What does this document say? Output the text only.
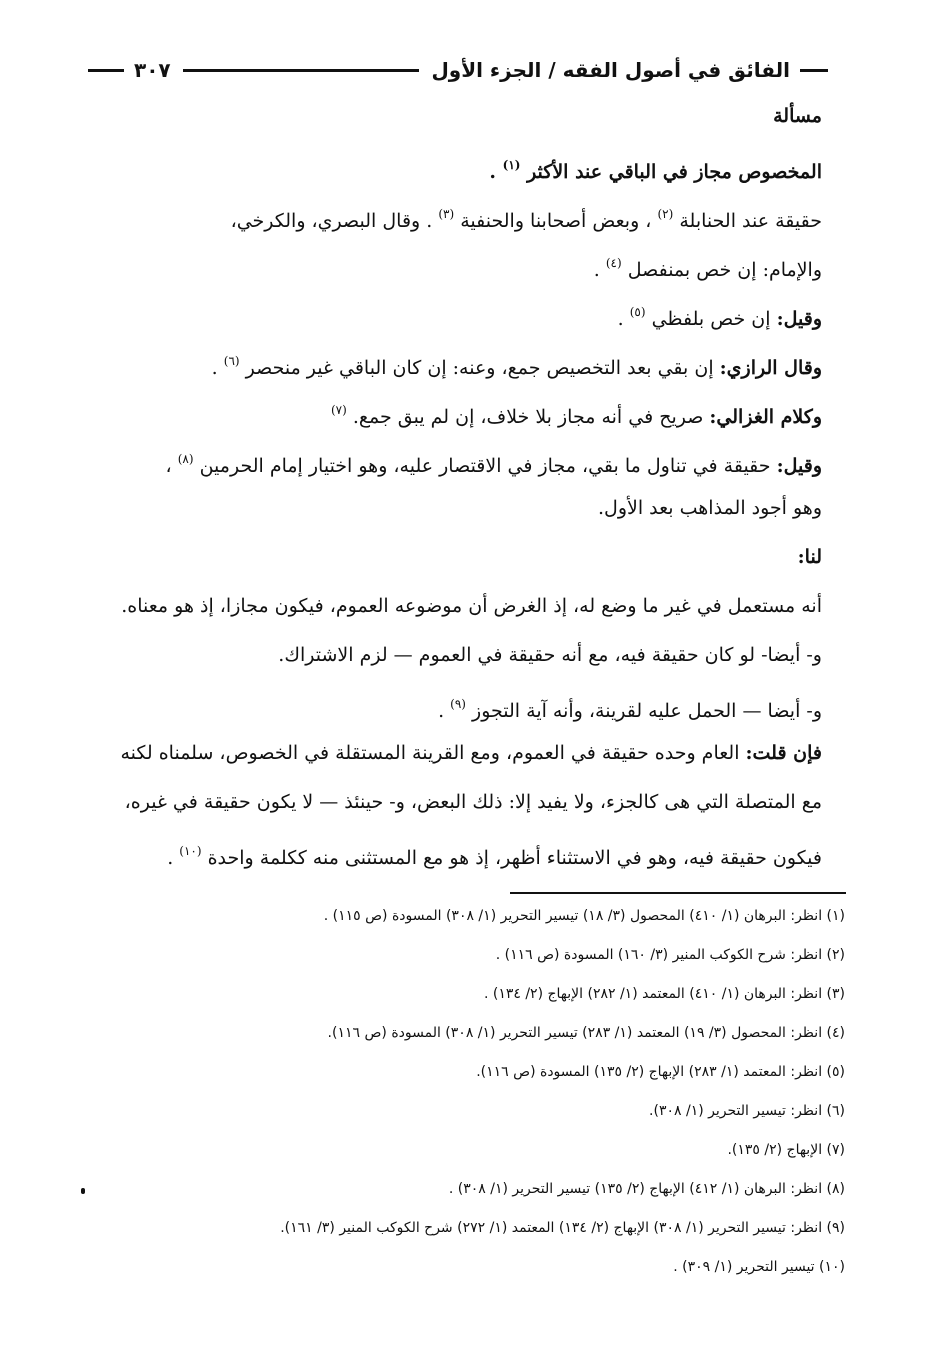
الفائق في أصول الفقه / الجزء الأول
٣٠٧
مسألة
المخصوص مجاز في الباقي عند الأكثر $^{(١)}$ .
حقيقة عند الحنابلة $^{(٢)}$ ، وبعض أصحابنا والحنفية $^{(٣)}$ . وقال البصري، والكرخي،
والإمام: إن خص بمنفصل $^{(٤)}$ .
وقيل: إن خص بلفظي $^{(٥)}$ .
وقال الرازي: إن بقي بعد التخصيص جمع، وعنه: إن كان الباقي غير منحصر $^{(٦)}$ .
وكلام الغزالي: صريح في أنه مجاز بلا خلاف، إن لم يبق جمع. $^{(٧)}$
وقيل: حقيقة في تناول ما بقي، مجاز في الاقتصار عليه، وهو اختيار إمام الحرمين $^{(٨)}$ ،
وهو أجود المذاهب بعد الأول.
لنا:
أنه مستعمل في غير ما وضع له، إذ الغرض أن موضوعه العموم، فيكون مجازا، إذ هو معناه.
و- أيضا- لو كان حقيقة فيه، مع أنه حقيقة في العموم — لزم الاشتراك.
و- أيضا — الحمل عليه لقرينة، وأنه آية التجوز $^{(٩)}$ .
فإن قلت: العام وحده حقيقة في العموم، ومع القرينة المستقلة في الخصوص، سلمناه لكنه
مع المتصلة التي هى كالجزء، ولا يفيد إلا: ذلك البعض، و- حينئذ — لا يكون حقيقة في غيره،
فيكون حقيقة فيه، وهو في الاستثناء أظهر، إذ هو مع المستثنى منه ككلمة واحدة $^{(١٠)}$ .
(١) انظر: البرهان (١/ ٤١٠) المحصول (٣/ ١٨) تيسير التحرير (١/ ٣٠٨) المسودة (ص ١١٥) .
(٢) انظر: شرح الكوكب المنير (٣/ ١٦٠) المسودة (ص ١١٦) .
(٣) انظر: البرهان (١/ ٤١٠) المعتمد (١/ ٢٨٢) الإبهاج (٢/ ١٣٤) .
(٤) انظر: المحصول (٣/ ١٩) المعتمد (١/ ٢٨٣) تيسير التحرير (١/ ٣٠٨) المسودة (ص ١١٦).
(٥) انظر: المعتمد (١/ ٢٨٣) الإبهاج (٢/ ١٣٥) المسودة (ص ١١٦).
(٦) انظر: تيسير التحرير (١/ ٣٠٨).
(٧) الإبهاج (٢/ ١٣٥).
(٨) انظر: البرهان (١/ ٤١٢) الإبهاج (٢/ ١٣٥) تيسير التحرير (١/ ٣٠٨) .
(٩) انظر: تيسير التحرير (١/ ٣٠٨) الإبهاج (٢/ ١٣٤) المعتمد (١/ ٢٧٢) شرح الكوكب المنير (٣/ ١٦١).
(١٠) تيسير التحرير (١/ ٣٠٩) .
